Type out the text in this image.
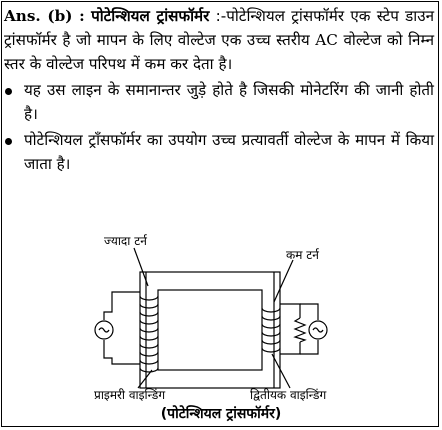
Ans. (b) : पोटेन्शियल ट्रांसफॉर्मर :-पोटेन्शियल ट्रांसफॉर्मर एक स्टेप डाउन ट्रांसफॉर्मर है जो मापन के लिए वोल्टेज एक उच्च स्तरीय AC वोल्टेज को निम्न स्तर के वोल्टेज परिपथ में कम कर देता है।

यह उस लाइन के समानान्तर जुड़े होते है जिसकी मोनेटरिंग की जानी होती है।
पोटेन्शियल ट्राँसफॉर्मर का उपयोग उच्च प्रत्यावर्ती वोल्टेज के मापन में किया जाता है।
ज्यादा टर्न
कम टर्न
प्राइमरी वाइन्डिंग	द्वितीयक वाइन्डिंग
(पोटेन्शियल ट्रांसफॉर्मर)
